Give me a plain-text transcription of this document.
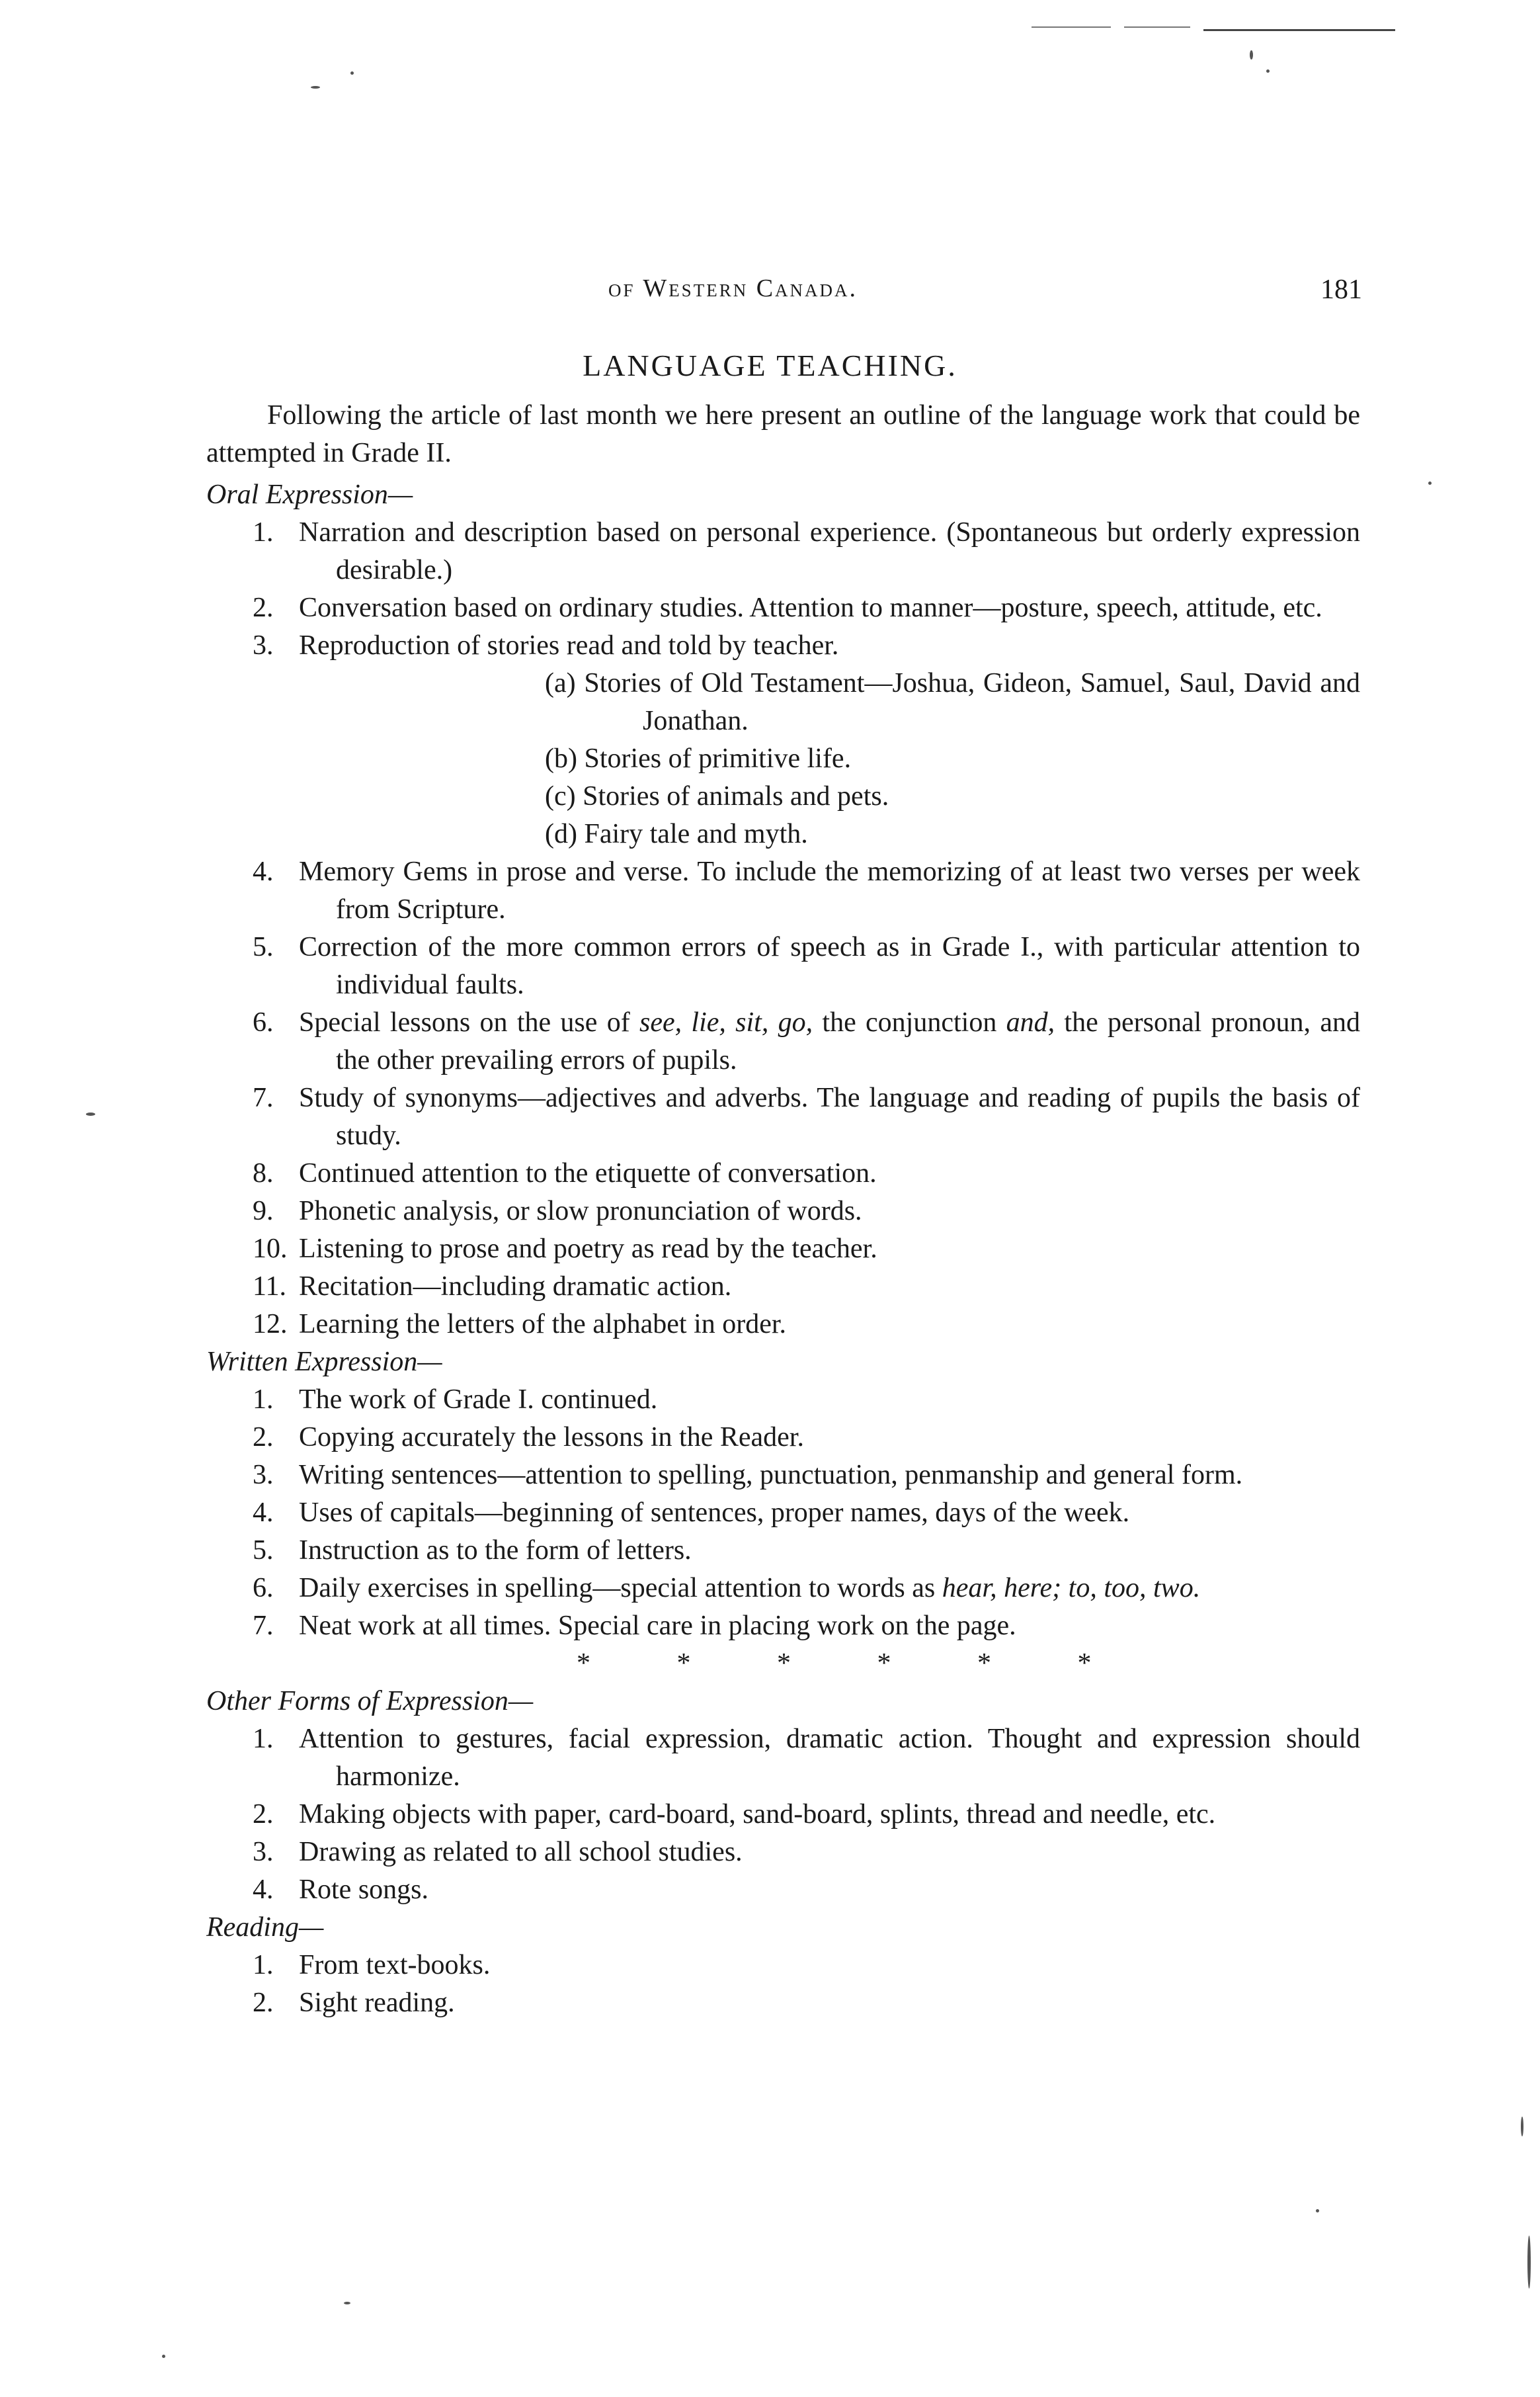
of Western Canada.	181
LANGUAGE TEACHING.

Following the article of last month we here present an outline of the language work that could be attempted in Grade II.

Oral Expression—

1. Narration and description based on personal experience. (Spontaneous but orderly expression desirable.)

2. Conversation based on ordinary studies. Attention to manner—posture, speech, attitude, etc.

3. Reproduction of stories read and told by teacher.

(a) Stories of Old Testament—Joshua, Gideon, Samuel, Saul, David and Jonathan.

(b) Stories of primitive life.

(c) Stories of animals and pets.

(d) Fairy tale and myth.

4. Memory Gems in prose and verse. To include the memorizing of at least two verses per week from Scripture.

5. Correction of the more common errors of speech as in Grade I., with particular attention to individual faults.

6. Special lessons on the use of see, lie, sit, go, the conjunction and, the personal pronoun, and the other prevailing errors of pupils.

7. Study of synonyms—adjectives and adverbs. The language and reading of pupils the basis of study.

8. Continued attention to the etiquette of conversation.

9. Phonetic analysis, or slow pronunciation of words.

10. Listening to prose and poetry as read by the teacher.

11. Recitation—including dramatic action.

12. Learning the letters of the alphabet in order.

Written Expression—

1. The work of Grade I. continued.

2. Copying accurately the lessons in the Reader.

3. Writing sentences—attention to spelling, punctuation, penmanship and general form.

4. Uses of capitals—beginning of sentences, proper names, days of the week.

5. Instruction as to the form of letters.

6. Daily exercises in spelling—special attention to words as hear, here; to, too, two.

7. Neat work at all times. Special care in placing work on the page.

* * * * * *

Other Forms of Expression—

1. Attention to gestures, facial expression, dramatic action. Thought and expression should harmonize.

2. Making objects with paper, card-board, sand-board, splints, thread and needle, etc.

3. Drawing as related to all school studies.

4. Rote songs.

Reading—

1. From text-books.

2. Sight reading.
